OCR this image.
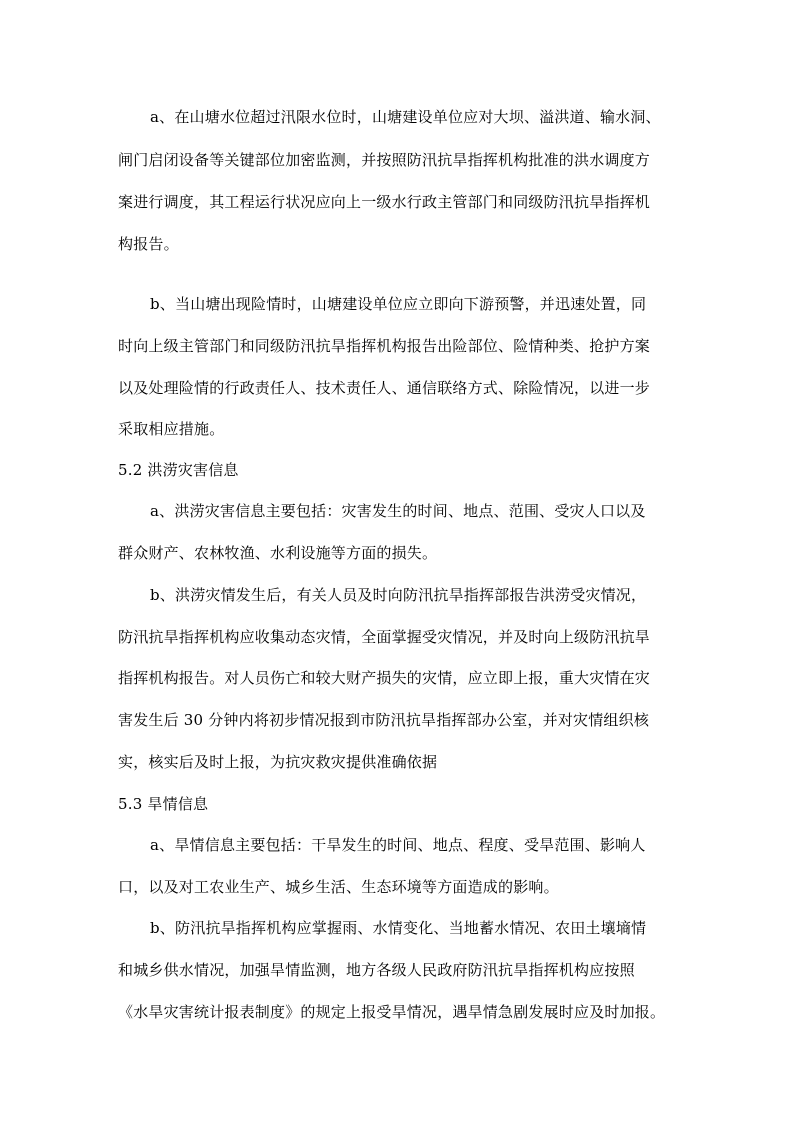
a、在山塘水位超过汛限水位时，山塘建设单位应对大坝、溢洪道、输水洞、
闸门启闭设备等关键部位加密监测，并按照防汛抗旱指挥机构批准的洪水调度方
案进行调度，其工程运行状况应向上一级水行政主管部门和同级防汛抗旱指挥机
构报告。
b、当山塘出现险情时，山塘建设单位应立即向下游预警，并迅速处置，同
时向上级主管部门和同级防汛抗旱指挥机构报告出险部位、险情种类、抢护方案
以及处理险情的行政责任人、技术责任人、通信联络方式、除险情况，以进一步
采取相应措施。
5.2 洪涝灾害信息
a、洪涝灾害信息主要包括：灾害发生的时间、地点、范围、受灾人口以及
群众财产、农林牧渔、水利设施等方面的损失。
b、洪涝灾情发生后，有关人员及时向防汛抗旱指挥部报告洪涝受灾情况，
防汛抗旱指挥机构应收集动态灾情，全面掌握受灾情况，并及时向上级防汛抗旱
指挥机构报告。对人员伤亡和较大财产损失的灾情，应立即上报，重大灾情在灾
害发生后 30 分钟内将初步情况报到市防汛抗旱指挥部办公室，并对灾情组织核
实，核实后及时上报，为抗灾救灾提供准确依据
5.3 旱情信息
a、旱情信息主要包括：干旱发生的时间、地点、程度、受旱范围、影响人
口，以及对工农业生产、城乡生活、生态环境等方面造成的影响。
b、防汛抗旱指挥机构应掌握雨、水情变化、当地蓄水情况、农田土壤墒情
和城乡供水情况，加强旱情监测，地方各级人民政府防汛抗旱指挥机构应按照
《水旱灾害统计报表制度》的规定上报受旱情况，遇旱情急剧发展时应及时加报。
